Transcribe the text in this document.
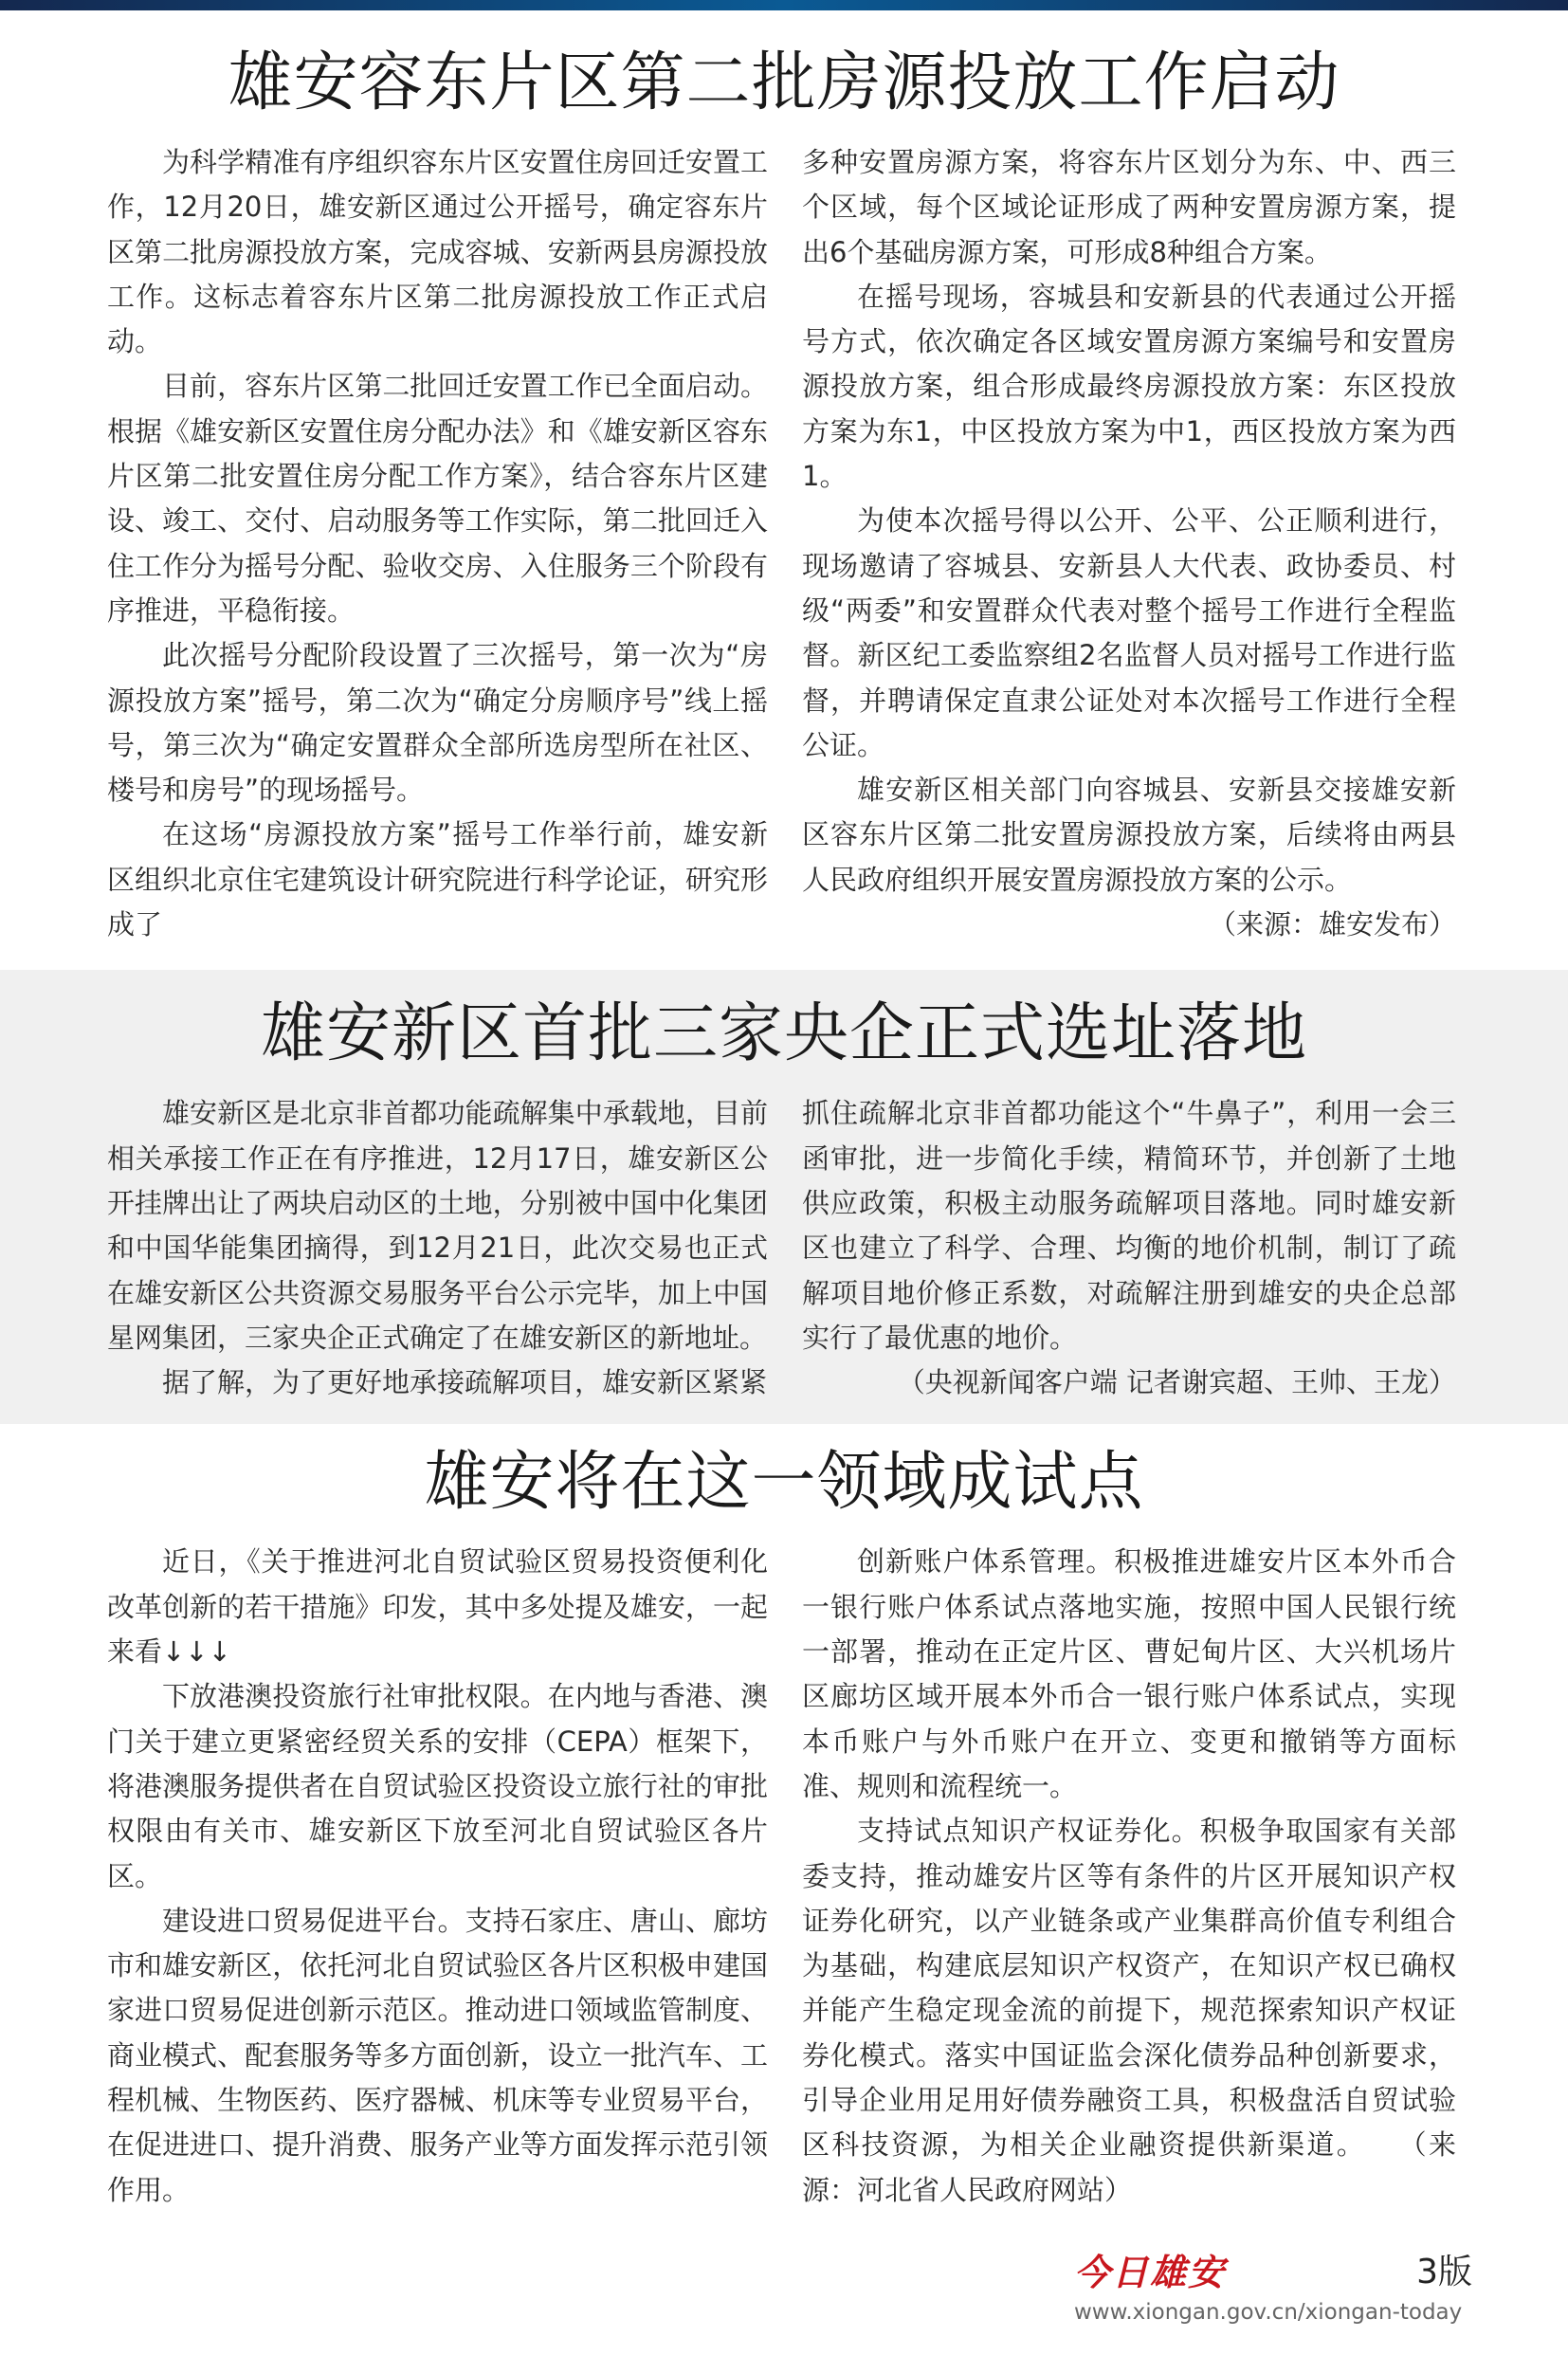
雄安容东片区第二批房源投放工作启动

为科学精准有序组织容东片区安置住房回迁安置工作，12月20日，雄安新区通过公开摇号，确定容东片区第二批房源投放方案，完成容城、安新两县房源投放工作。这标志着容东片区第二批房源投放工作正式启动。

目前，容东片区第二批回迁安置工作已全面启动。根据《雄安新区安置住房分配办法》和《雄安新区容东片区第二批安置住房分配工作方案》，结合容东片区建设、竣工、交付、启动服务等工作实际，第二批回迁入住工作分为摇号分配、验收交房、入住服务三个阶段有序推进，平稳衔接。

此次摇号分配阶段设置了三次摇号，第一次为“房源投放方案”摇号，第二次为“确定分房顺序号”线上摇号，第三次为“确定安置群众全部所选房型所在社区、楼号和房号”的现场摇号。

在这场“房源投放方案”摇号工作举行前，雄安新区组织北京住宅建筑设计研究院进行科学论证，研究形成了

多种安置房源方案，将容东片区划分为东、中、西三个区域，每个区域论证形成了两种安置房源方案，提出6个基础房源方案，可形成8种组合方案。

在摇号现场，容城县和安新县的代表通过公开摇号方式，依次确定各区域安置房源方案编号和安置房源投放方案，组合形成最终房源投放方案：东区投放方案为东1，中区投放方案为中1，西区投放方案为西1。

为使本次摇号得以公开、公平、公正顺利进行，现场邀请了容城县、安新县人大代表、政协委员、村级“两委”和安置群众代表对整个摇号工作进行全程监督。新区纪工委监察组2名监督人员对摇号工作进行监督，并聘请保定直隶公证处对本次摇号工作进行全程公证。

雄安新区相关部门向容城县、安新县交接雄安新区容东片区第二批安置房源投放方案，后续将由两县人民政府组织开展安置房源投放方案的公示。

（来源：雄安发布）

雄安新区首批三家央企正式选址落地

雄安新区是北京非首都功能疏解集中承载地，目前相关承接工作正在有序推进，12月17日，雄安新区公开挂牌出让了两块启动区的土地，分别被中国中化集团和中国华能集团摘得，到12月21日，此次交易也正式在雄安新区公共资源交易服务平台公示完毕，加上中国星网集团，三家央企正式确定了在雄安新区的新地址。

据了解，为了更好地承接疏解项目，雄安新区紧紧

抓住疏解北京非首都功能这个“牛鼻子”，利用一会三函审批，进一步简化手续，精简环节，并创新了土地供应政策，积极主动服务疏解项目落地。同时雄安新区也建立了科学、合理、均衡的地价机制，制订了疏解项目地价修正系数，对疏解注册到雄安的央企总部实行了最优惠的地价。

（央视新闻客户端 记者谢宾超、王帅、王龙）

雄安将在这一领域成试点

近日，《关于推进河北自贸试验区贸易投资便利化改革创新的若干措施》印发，其中多处提及雄安，一起来看↓↓↓

下放港澳投资旅行社审批权限。在内地与香港、澳门关于建立更紧密经贸关系的安排（CEPA）框架下，将港澳服务提供者在自贸试验区投资设立旅行社的审批权限由有关市、雄安新区下放至河北自贸试验区各片区。

建设进口贸易促进平台。支持石家庄、唐山、廊坊市和雄安新区，依托河北自贸试验区各片区积极申建国家进口贸易促进创新示范区。推动进口领域监管制度、商业模式、配套服务等多方面创新，设立一批汽车、工程机械、生物医药、医疗器械、机床等专业贸易平台，在促进进口、提升消费、服务产业等方面发挥示范引领作用。

创新账户体系管理。积极推进雄安片区本外币合一银行账户体系试点落地实施，按照中国人民银行统一部署，推动在正定片区、曹妃甸片区、大兴机场片区廊坊区域开展本外币合一银行账户体系试点，实现本币账户与外币账户在开立、变更和撤销等方面标准、规则和流程统一。

支持试点知识产权证券化。积极争取国家有关部委支持，推动雄安片区等有条件的片区开展知识产权证券化研究，以产业链条或产业集群高价值专利组合为基础，构建底层知识产权资产，在知识产权已确权并能产生稳定现金流的前提下，规范探索知识产权证券化模式。落实中国证监会深化债券品种创新要求，引导企业用足用好债券融资工具，积极盘活自贸试验区科技资源，为相关企业融资提供新渠道。 （来源：河北省人民政府网站）

今日雄安	3版
www.xiongan.gov.cn/xiongan-today
